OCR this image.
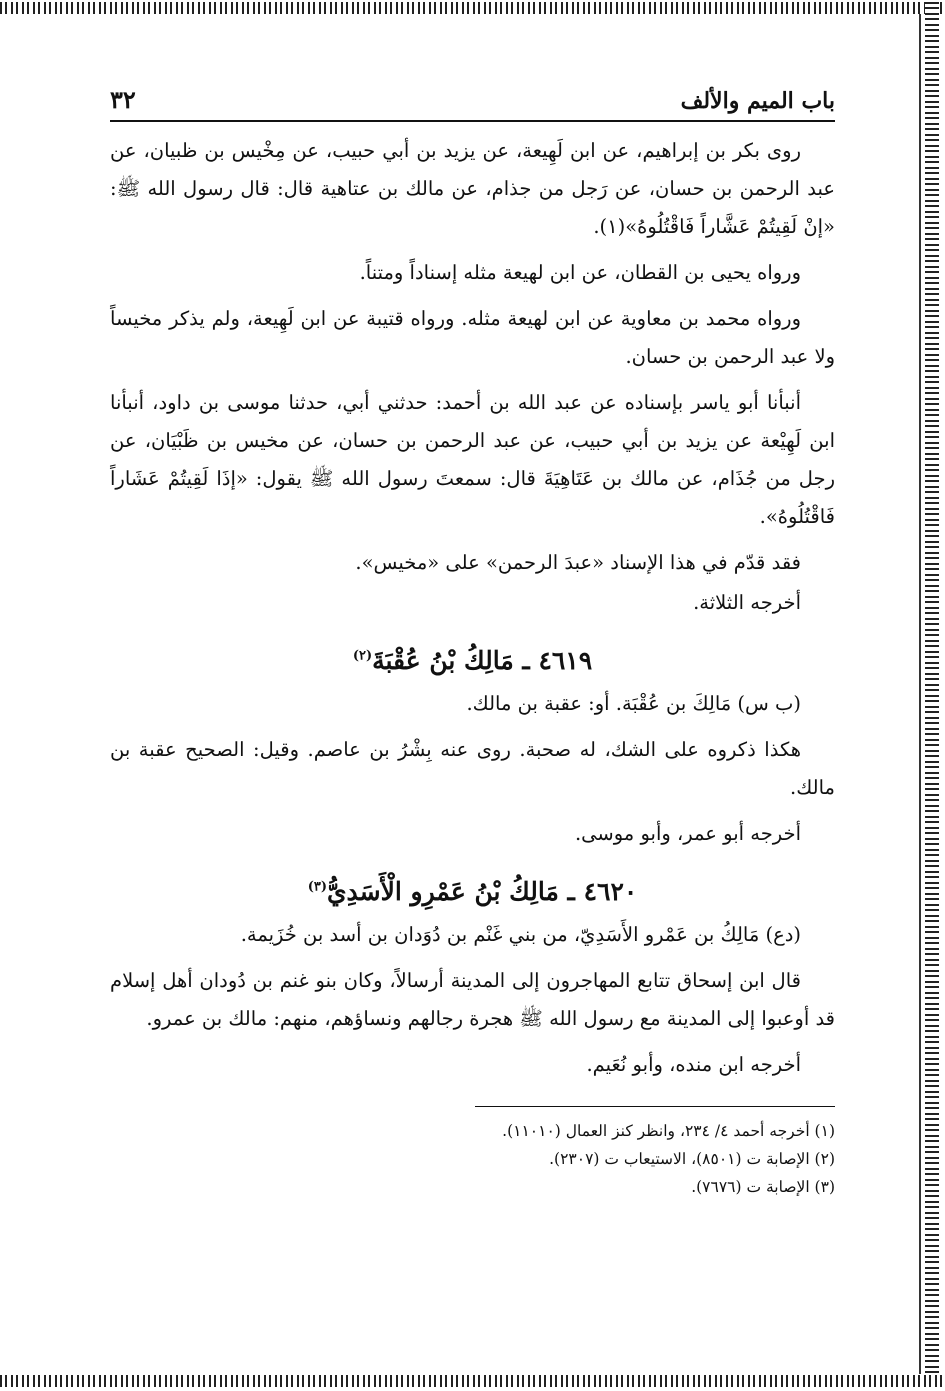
باب الميم والألف
٣٢

روى بكر بن إبراهيم، عن ابن لَهِيعة، عن يزيد بن أبي حبيب، عن مِخْيس بن ظبيان، عن عبد الرحمن بن حسان، عن رَجل من جذام، عن مالك بن عتاهية قال: قال رسول الله ﷺ: «إنْ لَقِيتُمْ عَشَّاراً فَاقْتُلُوهُ»(١).

ورواه يحيى بن القطان، عن ابن لهيعة مثله إسناداً ومتناً.

ورواه محمد بن معاوية عن ابن لهيعة مثله. ورواه قتيبة عن ابن لَهِيعة، ولم يذكر مخيساً ولا عبد الرحمن بن حسان.

أنبأنا أبو ياسر بإسناده عن عبد الله بن أحمد: حدثني أبي، حدثنا موسى بن داود، أنبأنا ابن لَهِيْعة عن يزيد بن أبي حبيب، عن عبد الرحمن بن حسان، عن مخيس بن ظَبْيَان، عن رجل من جُذَام، عن مالك بن عَتَاهِيَةَ قال: سمعتَ رسول الله ﷺ يقول: «إذَا لَقِيتُمْ عَشَاراً فَاقْتُلُوهُ».

فقد قدّم في هذا الإسناد «عبدَ الرحمن» على «مخيس».

أخرجه الثلاثة.

٤٦١٩ ـ مَالِكُ بْنُ عُقْبَةَ$^{(٢)}$

(ب س) مَالِكَ بن عُقْبَة. أو: عقبة بن مالك.

هكذا ذكروه على الشك، له صحبة. روى عنه بِشْرُ بن عاصم. وقيل: الصحيح عقبة بن مالك.

أخرجه أبو عمر، وأبو موسى.

٤٦٢٠ ـ مَالِكُ بْنُ عَمْرِو الْأَسَدِيُّ$^{(٣)}$

(دع) مَالِكُ بن عَمْرو الأَسَدِيّ، من بني غَنْم بن دُوَدان بن أسد بن خُزَيمة.

قال ابن إسحاق تتابع المهاجرون إلى المدينة أرسالاً، وكان بنو غنم بن دُودان أهل إسلام قد أوعبوا إلى المدينة مع رسول الله ﷺ هجرة رجالهم ونساؤهم، منهم: مالك بن عمرو.

أخرجه ابن منده، وأبو نُعَيم.

(١) أخرجه أحمد ٤/ ٢٣٤، وانظر كنز العمال (١١٠١٠).

(٢) الإصابة ت (٨٥٠١)، الاستيعاب ت (٢٣٠٧).

(٣) الإصابة ت (٧٦٧٦).
